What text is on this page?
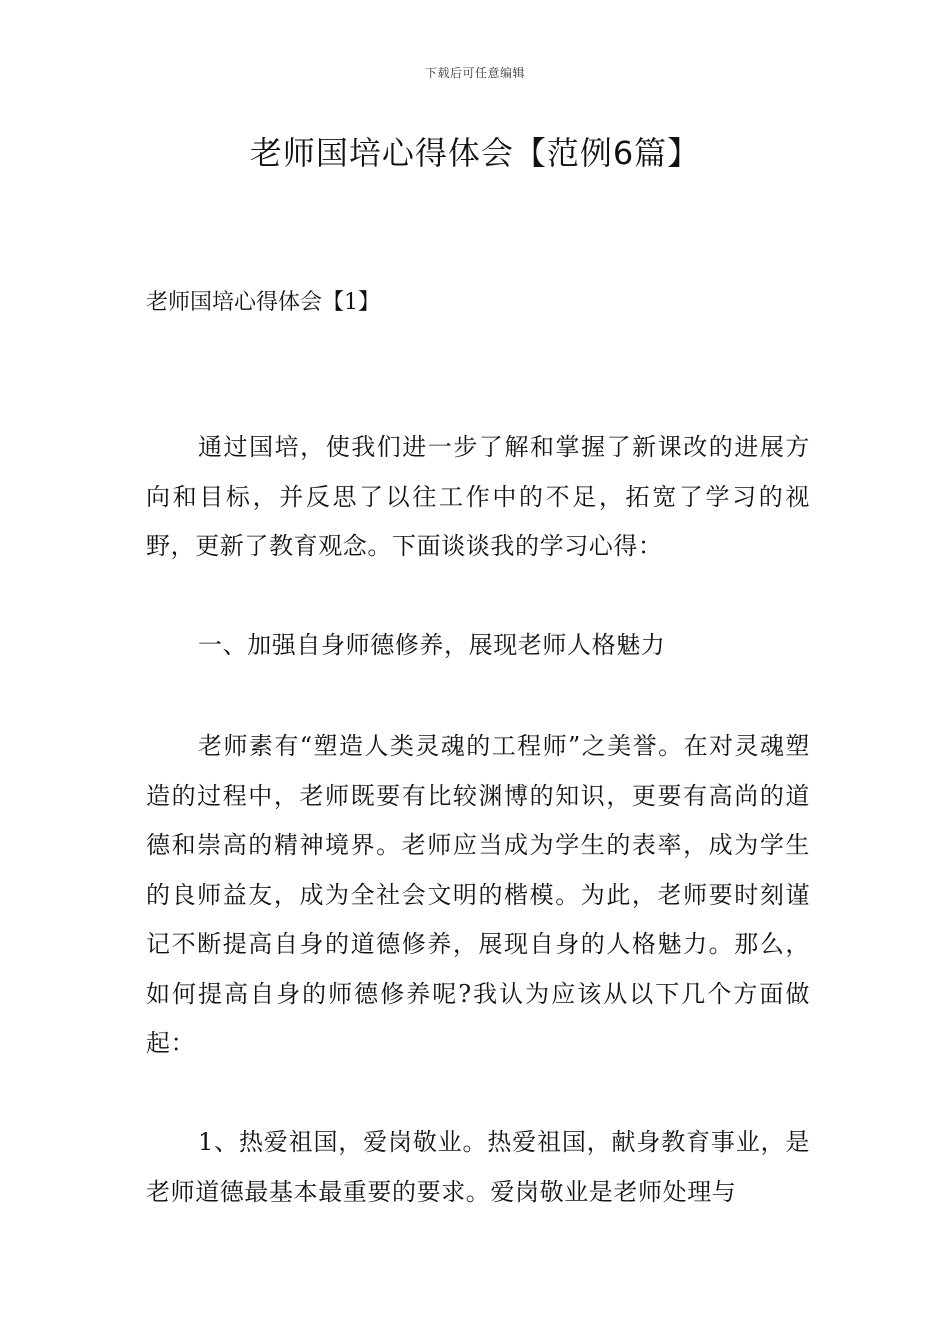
下载后可任意编辑
老师国培心得体会【范例6篇】
老师国培心得体会【1】

通过国培，使我们进一步了解和掌握了新课改的进展方向和目标，并反思了以往工作中的不足，拓宽了学习的视野，更新了教育观念。下面谈谈我的学习心得：

一、加强自身师德修养，展现老师人格魅力

老师素有“塑造人类灵魂的工程师”之美誉。在对灵魂塑造的过程中，老师既要有比较渊博的知识，更要有高尚的道德和崇高的精神境界。老师应当成为学生的表率，成为学生的良师益友，成为全社会文明的楷模。为此，老师要时刻谨记不断提高自身的道德修养，展现自身的人格魅力。那么，如何提高自身的师德修养呢?我认为应该从以下几个方面做起：

1、热爱祖国，爱岗敬业。热爱祖国，献身教育事业，是老师道德最基本最重要的要求。爱岗敬业是老师处理与
